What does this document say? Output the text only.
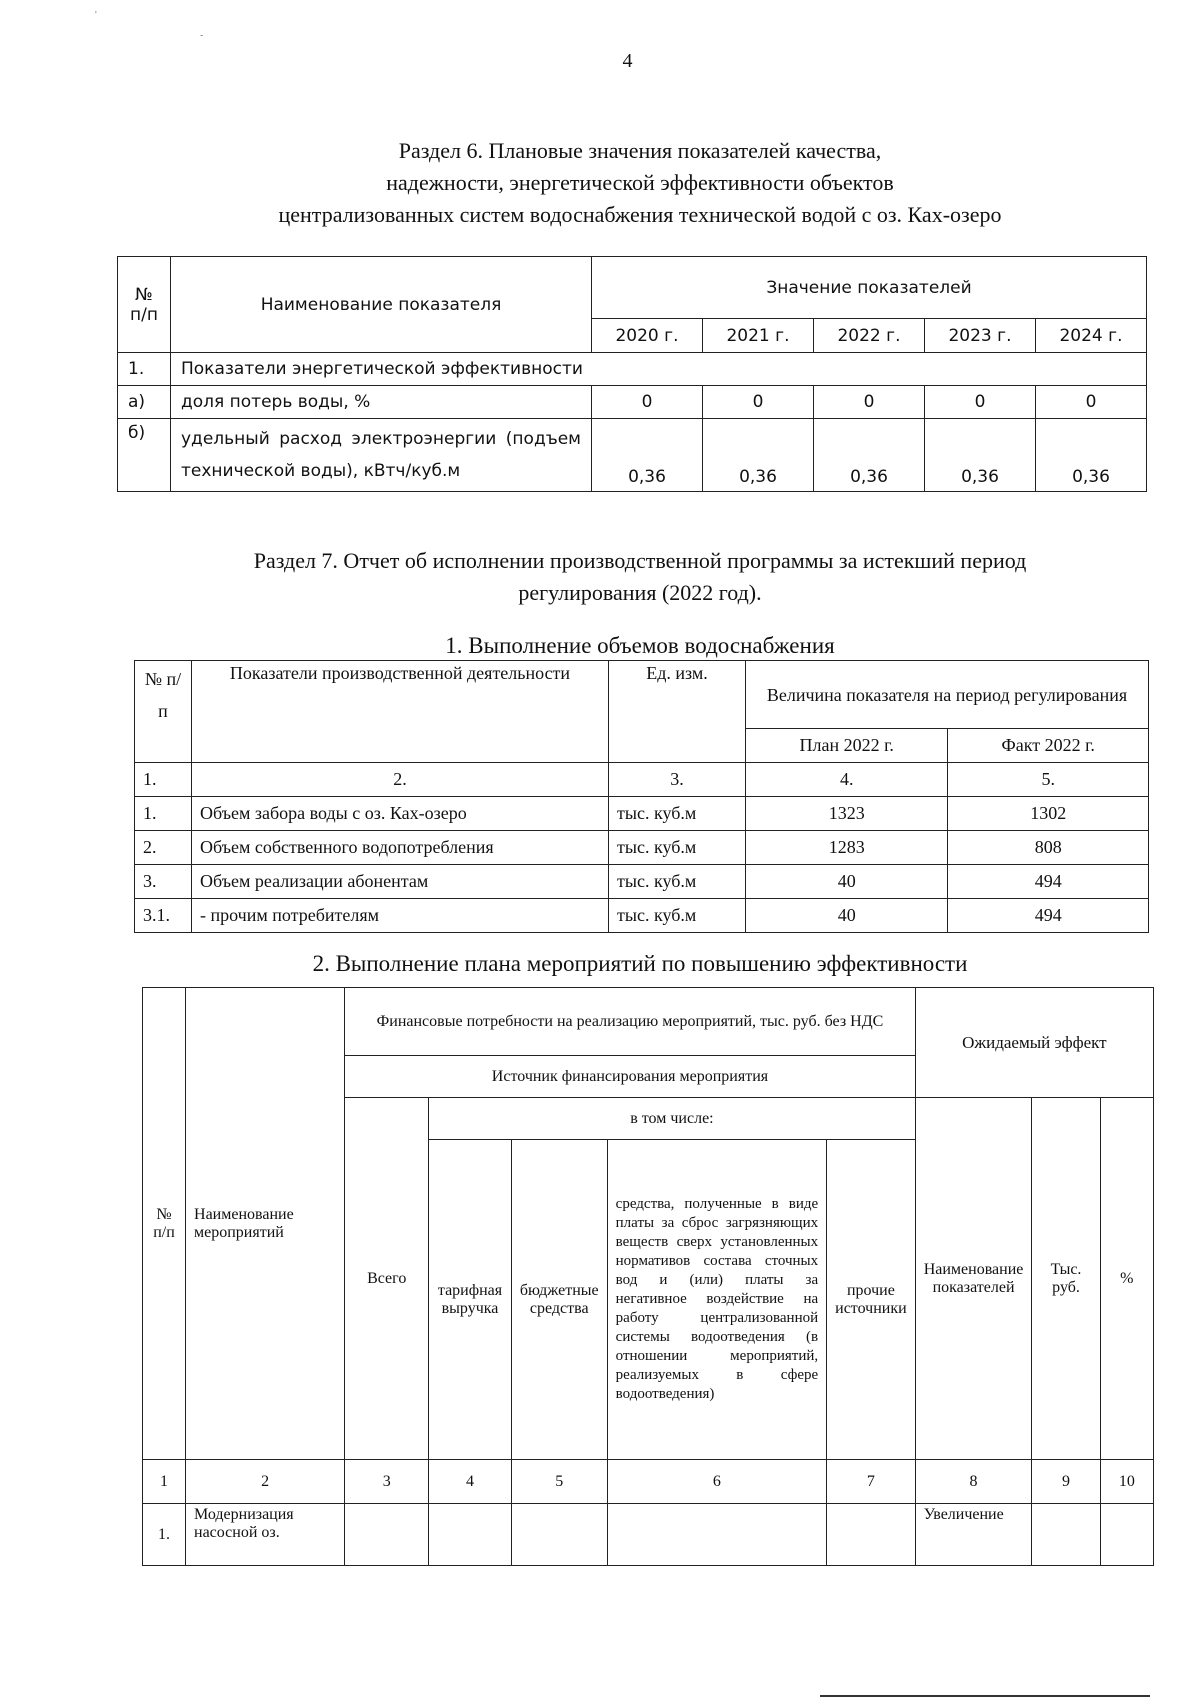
'
-
4
Раздел 6. Плановые значения показателей качества,
надежности, энергетической эффективности объектов
централизованных систем водоснабжения технической водой с оз. Ках-озеро
№ п/п	Наименование показателя	Значение показателей				
		2020 г.	2021 г.	2022 г.	2023 г.	2024 г.
1.	Показатели энергетической эффективности					
а)	доля потерь воды, %	0	0	0	0	0
б)	удельный расход электроэнергии (подъем технической воды), кВтч/куб.м	0,36	0,36	0,36	0,36	0,36
Раздел 7. Отчет об исполнении производственной программы за истекший период
регулирования (2022 год).
1. Выполнение объемов водоснабжения
№ п/п	Показатели производственной деятельности	Ед. изм.	Величина показателя на период регулирования	
			План 2022 г.	Факт 2022 г.
1.	2.	3.	4.	5.
1.	Объем забора воды с оз. Ках-озеро	тыс. куб.м	1323	1302
2.	Объем собственного водопотребления	тыс. куб.м	1283	808
3.	Объем реализации абонентам	тыс. куб.м	40	494
3.1.	- прочим потребителям	тыс. куб.м	40	494
2. Выполнение плана мероприятий по повышению эффективности
№ п/п	Наименование мероприятий	Финансовые потребности на реализацию мероприятий, тыс. руб. без НДС					Ожидаемый эффект		
		Источник финансирования мероприятия							
		Всего	в том числе:				Наименование показателей	Тыс. руб.	%
			тарифная выручка	бюджетные средства	средства, полученные в виде платы за сброс загрязняющих веществ сверх установленных нормативов состава сточных вод и (или) платы за негативное воздействие на работу централизованной системы водоотведения (в отношении мероприятий, реализуемых в сфере водоотведения)	прочие источники			
1	2	3	4	5	6	7	8	9	10
1.	Модернизация насосной оз.						Увеличение		
